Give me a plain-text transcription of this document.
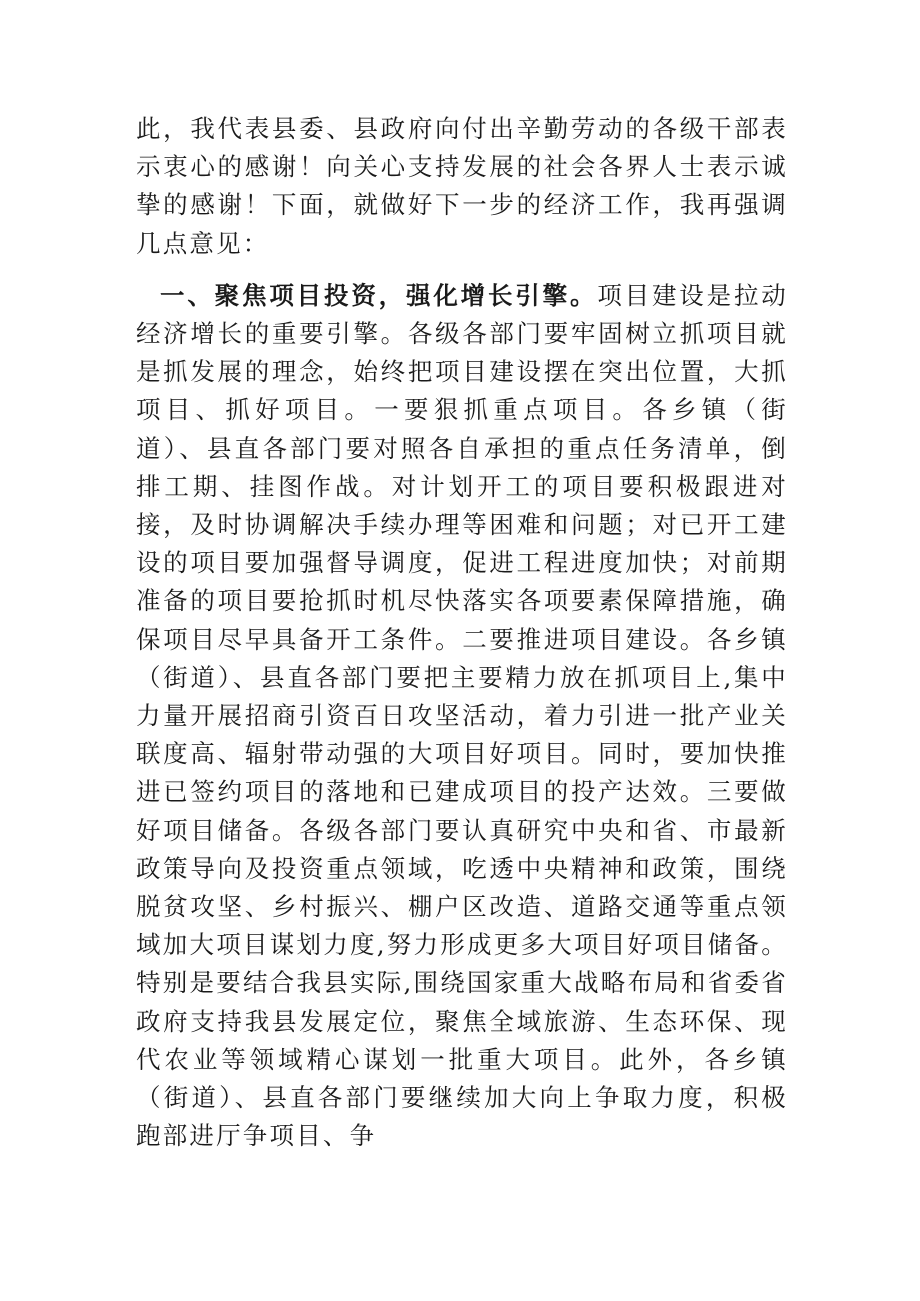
此，我代表县委、县政府向付出辛勤劳动的各级干部表示衷心的感谢！向关心支持发展的社会各界人士表示诚挚的感谢！下面，就做好下一步的经济工作，我再强调几点意见：

一、聚焦项目投资，强化增长引擎。项目建设是拉动经济增长的重要引擎。各级各部门要牢固树立抓项目就是抓发展的理念，始终把项目建设摆在突出位置，大抓项目、抓好项目。一要狠抓重点项目。各乡镇（街道）、县直各部门要对照各自承担的重点任务清单，倒排工期、挂图作战。对计划开工的项目要积极跟进对接，及时协调解决手续办理等困难和问题；对已开工建设的项目要加强督导调度，促进工程进度加快；对前期准备的项目要抢抓时机尽快落实各项要素保障措施，确保项目尽早具备开工条件。二要推进项目建设。各乡镇（街道）、县直各部门要把主要精力放在抓项目上,集中力量开展招商引资百日攻坚活动，着力引进一批产业关联度高、辐射带动强的大项目好项目。同时，要加快推进已签约项目的落地和已建成项目的投产达效。三要做好项目储备。各级各部门要认真研究中央和省、市最新政策导向及投资重点领域，吃透中央精神和政策，围绕脱贫攻坚、乡村振兴、棚户区改造、道路交通等重点领域加大项目谋划力度,努力形成更多大项目好项目储备。特别是要结合我县实际,围绕国家重大战略布局和省委省政府支持我县发展定位，聚焦全域旅游、生态环保、现代农业等领域精心谋划一批重大项目。此外，各乡镇（街道）、县直各部门要继续加大向上争取力度，积极跑部进厅争项目、争
